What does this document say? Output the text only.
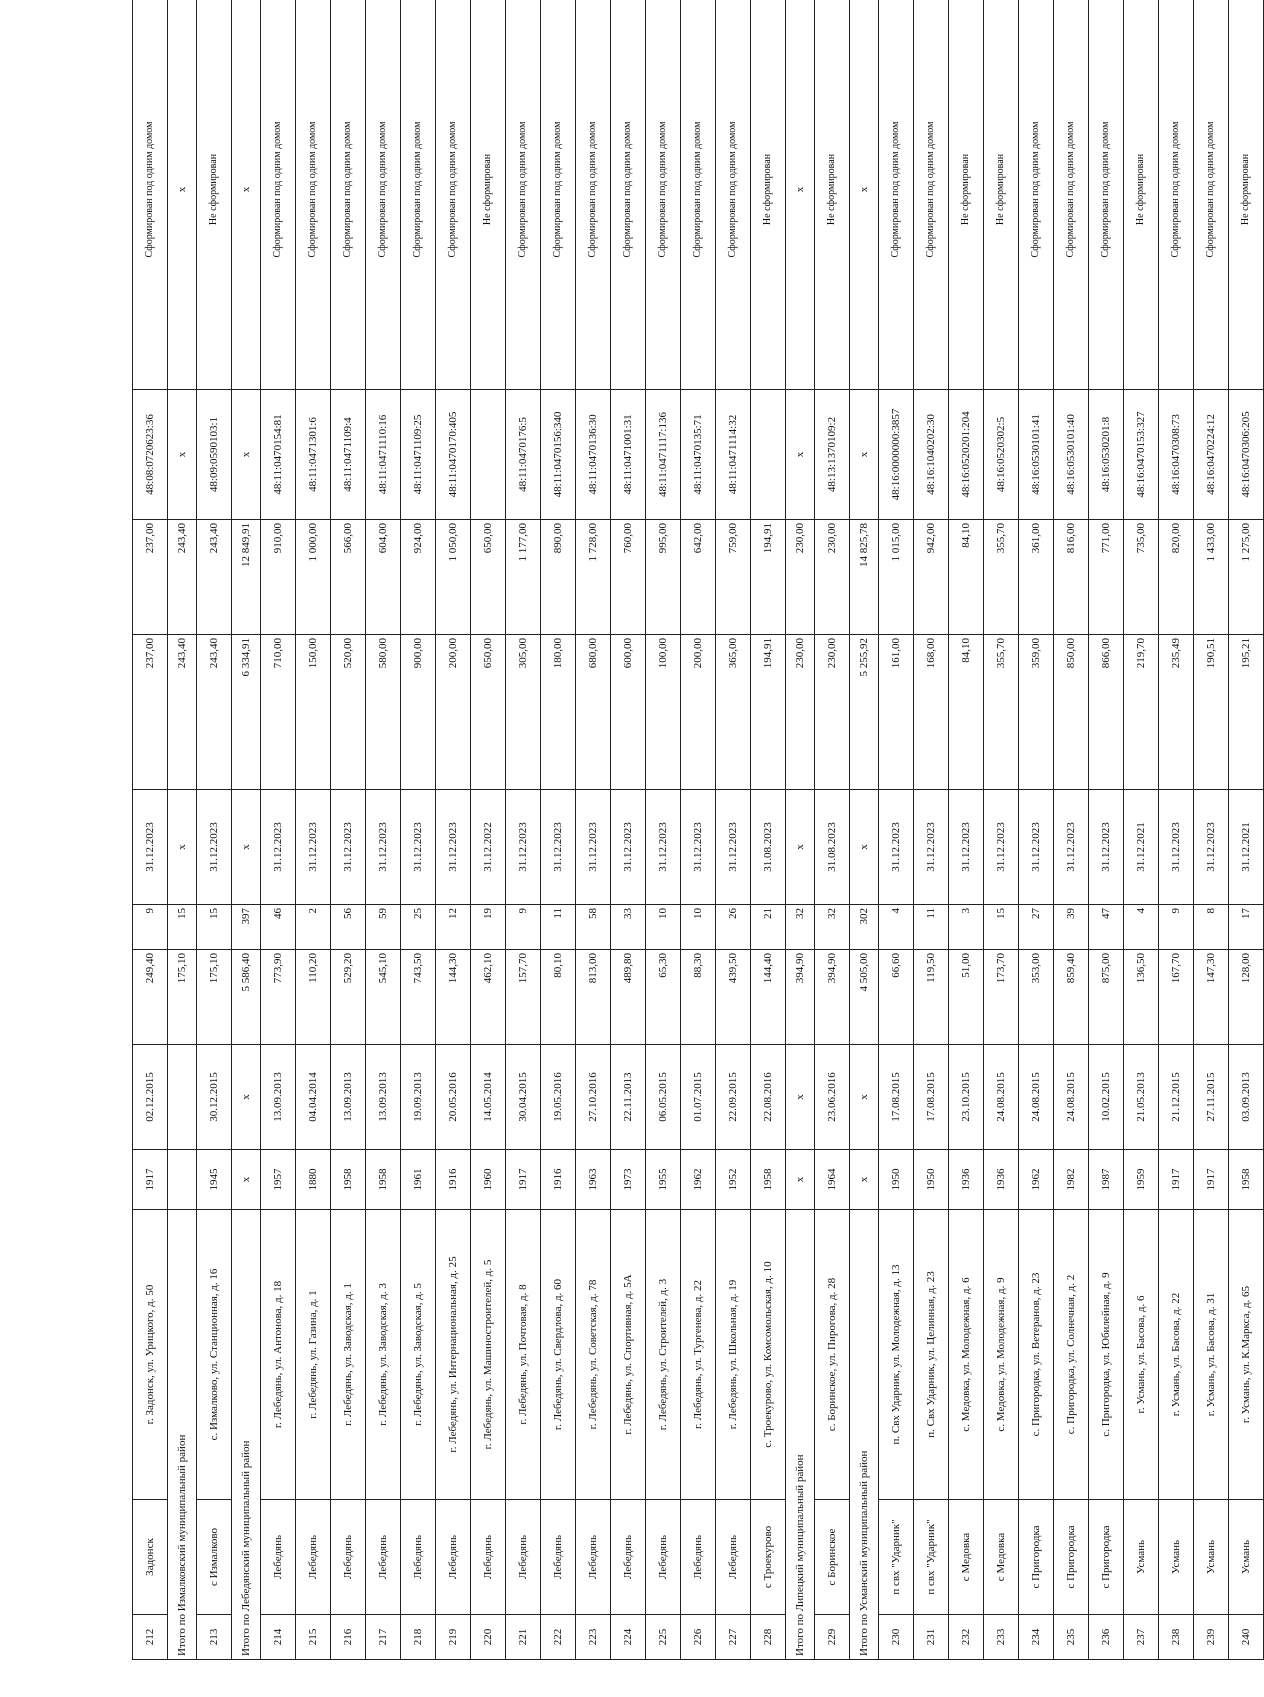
212	Задонск	г. Задонск, ул. Урицкого, д. 50	1917	02.12.2015	249,40	9	31.12.2023	237,00	237,00	48:08:0720623:36	Сформирован под одним домом
Итого по Измалковский муниципальный район					175,10	15	x	243,40	243,40	x	x
213	с Измалково	с. Измалково, ул. Станционная, д. 16	1945	30.12.2015	175,10	15	31.12.2023	243,40	243,40	48:09:0590103:1	Не сформирован
Итого по Лебедянский муниципальный район			x	x	5 586,40	397	x	6 334,91	12 849,91	x	x
214	Лебедянь	г. Лебедянь, ул. Антонова, д. 18	1957	13.09.2013	773,90	46	31.12.2023	710,00	910,00	48:11:0470154:81	Сформирован под одним домом
215	Лебедянь	г. Лебедянь, ул. Газина, д. 1	1880	04.04.2014	110,20	2	31.12.2023	150,00	1 000,00	48:11:0471301:6	Сформирован под одним домом
216	Лебедянь	г. Лебедянь, ул. Заводская, д. 1	1958	13.09.2013	529,20	56	31.12.2023	520,00	566,00	48:11:0471109:4	Сформирован под одним домом
217	Лебедянь	г. Лебедянь, ул. Заводская, д. 3	1958	13.09.2013	545,10	59	31.12.2023	580,00	604,00	48:11:0471110:16	Сформирован под одним домом
218	Лебедянь	г. Лебедянь, ул. Заводская, д. 5	1961	19.09.2013	743,50	25	31.12.2023	900,00	924,00	48:11:0471109:25	Сформирован под одним домом
219	Лебедянь	г. Лебедянь, ул. Интернациональная, д. 25	1916	20.05.2016	144,30	12	31.12.2023	200,00	1 050,00	48:11:0470170:405	Сформирован под одним домом
220	Лебедянь	г. Лебедянь, ул. Машиностроителей, д. 5	1960	14.05.2014	462,10	19	31.12.2022	650,00	650,00		Не сформирован
221	Лебедянь	г. Лебедянь, ул. Почтовая, д. 8	1917	30.04.2015	157,70	9	31.12.2023	305,00	1 177,00	48:11:0470176:5	Сформирован под одним домом
222	Лебедянь	г. Лебедянь, ул. Свердлова, д. 60	1916	19.05.2016	80,10	11	31.12.2023	180,00	890,00	48:11:0470156:340	Сформирован под одним домом
223	Лебедянь	г. Лебедянь, ул. Советская, д. 78	1963	27.10.2016	813,00	58	31.12.2023	680,00	1 728,00	48:11:0470136:30	Сформирован под одним домом
224	Лебедянь	г. Лебедянь, ул. Спортивная, д. 5А	1973	22.11.2013	489,80	33	31.12.2023	600,00	760,00	48:11:0471001:31	Сформирован под одним домом
225	Лебедянь	г. Лебедянь, ул. Строителей, д. 3	1955	06.05.2015	65,30	10	31.12.2023	100,00	995,00	48:11:0471117:136	Сформирован под одним домом
226	Лебедянь	г. Лебедянь, ул. Тургенева, д. 22	1962	01.07.2015	88,30	10	31.12.2023	200,00	642,00	48:11:0470135:71	Сформирован под одним домом
227	Лебедянь	г. Лебедянь, ул. Школьная, д. 19	1952	22.09.2015	439,50	26	31.12.2023	365,00	759,00	48:11:0471114:32	Сформирован под одним домом
228	с Троекурово	с. Троекурово, ул. Комсомольская, д. 10	1958	22.08.2016	144,40	21	31.08.2023	194,91	194,91		Не сформирован
Итого по Липецкий муниципальный район			x	x	394,90	32	x	230,00	230,00	x	x
229	с Боринское	с. Боринское, ул. Пирогова, д. 28	1964	23.06.2016	394,90	32	31.08.2023	230,00	230,00	48:13:1370109:2	Не сформирован
Итого по Усманский муниципальный район			x	x	4 505,00	302	x	5 255,92	14 825,78	x	x
230	п свх "Ударник"	п. Свх Ударник, ул. Молодежная, д. 13	1950	17.08.2015	66,60	4	31.12.2023	161,00	1 015,00	48:16:0000000:3857	Сформирован под одним домом
231	п свх "Ударник"	п. Свх Ударник, ул. Целинная, д. 23	1950	17.08.2015	119,50	11	31.12.2023	168,00	942,00	48:16:1040202:30	Сформирован под одним домом
232	с Медовка	с. Медовка, ул. Молодежная, д. 6	1936	23.10.2015	51,00	3	31.12.2023	84,10	84,10	48:16:0520201:204	Не сформирован
233	с Медовка	с. Медовка, ул. Молодежная, д. 9	1936	24.08.2015	173,70	15	31.12.2023	355,70	355,70	48:16:0520302:5	Не сформирован
234	с Пригородка	с. Пригородка, ул. Ветеранов, д. 23	1962	24.08.2015	353,00	27	31.12.2023	359,00	361,00	48:16:0530101:41	Сформирован под одним домом
235	с Пригородка	с. Пригородка, ул. Солнечная, д. 2	1982	24.08.2015	859,40	39	31.12.2023	850,00	816,00	48:16:0530101:40	Сформирован под одним домом
236	с Пригородка	с. Пригородка, ул. Юбилейная, д. 9	1987	10.02.2015	875,00	47	31.12.2023	866,00	771,00	48:16:0530201:8	Сформирован под одним домом
237	Усмань	г. Усмань, ул. Басова, д. 6	1959	21.05.2013	136,50	4	31.12.2021	219,70	735,00	48:16:0470153:327	Не сформирован
238	Усмань	г. Усмань, ул. Басова, д. 22	1917	21.12.2015	167,70	9	31.12.2023	235,49	820,00	48:16:0470308:73	Сформирован под одним домом
239	Усмань	г. Усмань, ул. Басова, д. 31	1917	27.11.2015	147,30	8	31.12.2023	190,51	1 433,00	48:16:0470224:12	Сформирован под одним домом
240	Усмань	г. Усмань, ул. К.Маркса, д. 65	1958	03.09.2013	128,00	17	31.12.2021	195,21	1 275,00	48:16:0470306:205	Не сформирован
